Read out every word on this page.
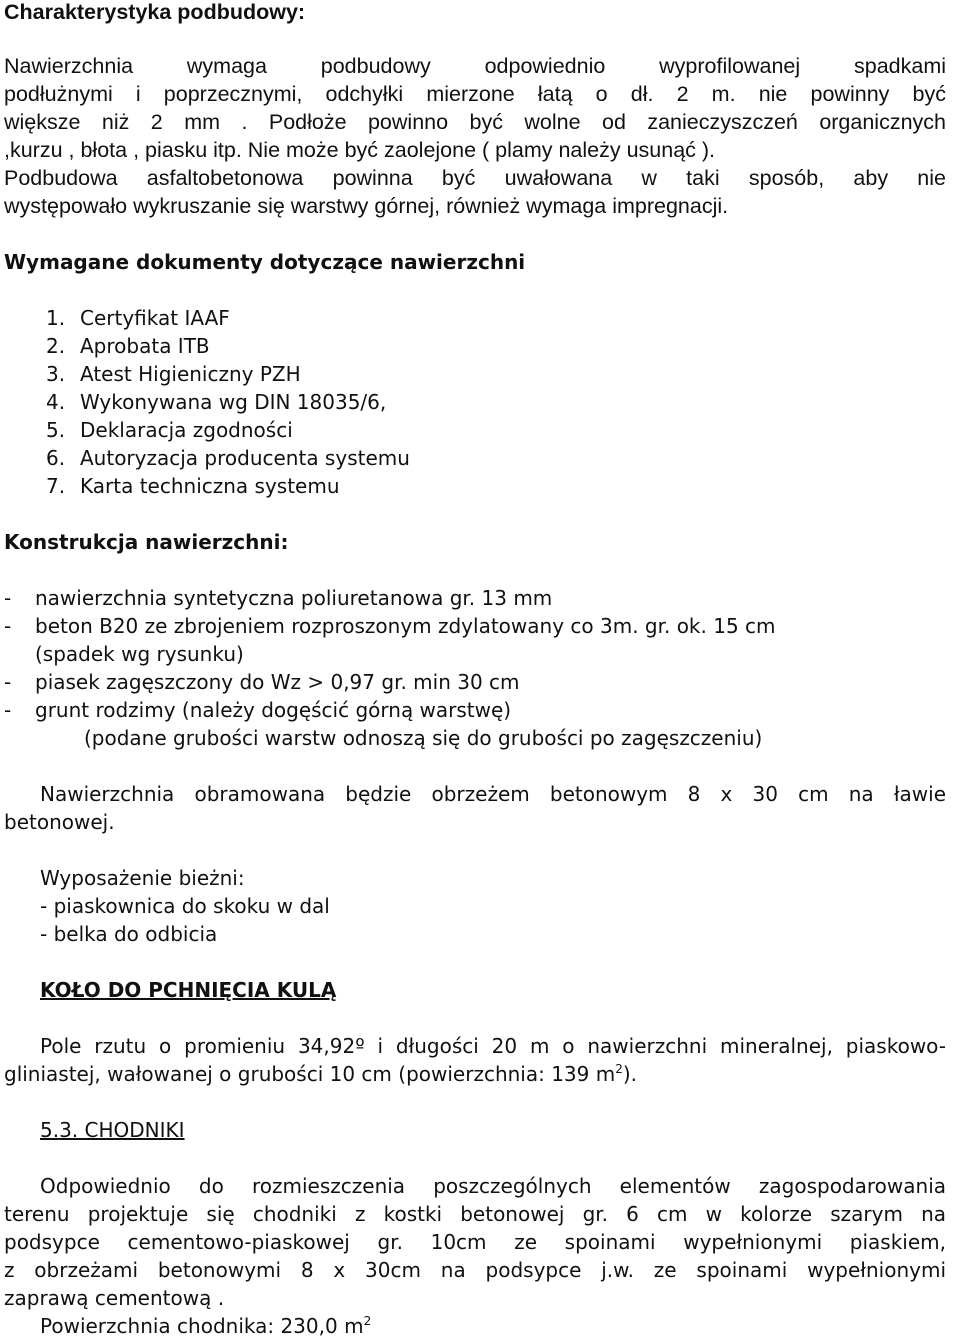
Charakterystyka podbudowy:
Nawierzchnia wymaga podbudowy odpowiednio wyprofilowanej spadkami
podłużnymi i poprzecznymi, odchyłki mierzone łatą o dł. 2 m. nie powinny być
większe niż 2 mm . Podłoże powinno być wolne od zanieczyszczeń organicznych
,kurzu , błota , piasku itp. Nie może być zaolejone ( plamy należy usunąć ).
Podbudowa asfaltobetonowa powinna być uwałowana w taki sposób, aby nie
występowało wykruszanie się warstwy górnej, również wymaga impregnacji.
Wymagane dokumenty dotyczące nawierzchni
1. Certyfikat IAAF
2. Aprobata ITB
3. Atest Higieniczny PZH
4. Wykonywana wg DIN 18035/6,
5. Deklaracja zgodności
6. Autoryzacja producenta systemu
7. Karta techniczna systemu
Konstrukcja nawierzchni:
- nawierzchnia syntetyczna poliuretanowa gr. 13 mm
- beton B20 ze zbrojeniem rozproszonym zdylatowany co 3m. gr. ok. 15 cm
(spadek wg rysunku)
- piasek zagęszczony do Wz > 0,97 gr. min 30 cm
- grunt rodzimy (należy dogęścić górną warstwę)
(podane grubości warstw odnoszą się do grubości po zagęszczeniu)
Nawierzchnia obramowana będzie obrzeżem betonowym 8 x 30 cm na ławie
betonowej.
Wyposażenie bieżni:
- piaskownica do skoku w dal
- belka do odbicia
KOŁO DO PCHNIĘCIA KULĄ
Pole rzutu o promieniu 34,92º i długości 20 m o nawierzchni mineralnej, piaskowo-
gliniastej, wałowanej o grubości 10 cm (powierzchnia: 139 $m^2$).
5.3. CHODNIKI
Odpowiednio do rozmieszczenia poszczególnych elementów zagospodarowania
terenu projektuje się chodniki z kostki betonowej gr. 6 cm w kolorze szarym na
podsypce cementowo-piaskowej gr. 10cm ze spoinami wypełnionymi piaskiem,
z obrzeżami betonowymi 8 x 30cm na podsypce j.w. ze spoinami wypełnionymi
zaprawą cementową .
Powierzchnia chodnika: 230,0 $m^2$
